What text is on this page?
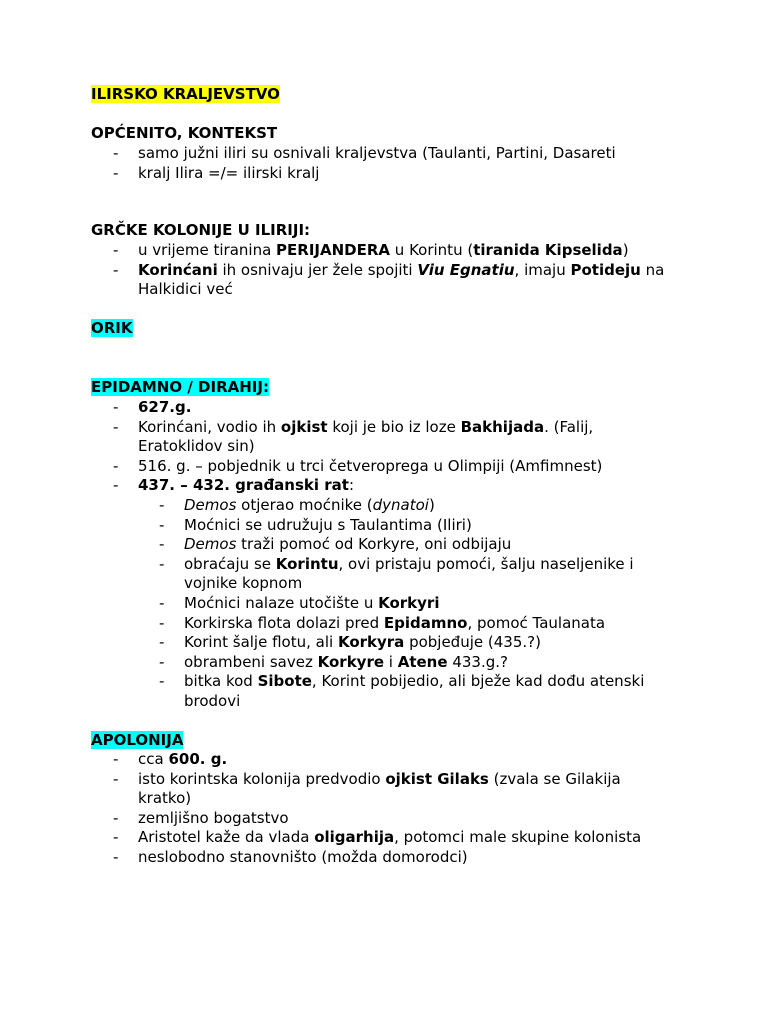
ILIRSKO KRALJEVSTVO
OPĆENITO, KONTEKST
- samo južni iliri su osnivali kraljevstva (Taulanti, Partini, Dasareti
- kralj Ilira =/= ilirski kralj
GRČKE KOLONIJE U ILIRIJI:
- u vrijeme tiranina PERIJANDERA u Korintu (tiranida Kipselida)
- Korinćani ih osnivaju jer žele spojiti Viu Egnatiu, imaju Potideju na Halkidici već
ORIK
EPIDAMNO / DIRAHIJ:
- 627.g.
- Korinćani, vodio ih ojkist koji je bio iz loze Bakhijada. (Falij, Eratoklidov sin)
- 516. g. – pobjednik u trci četveroprega u Olimpiji (Amfimnest)
- 437. – 432. građanski rat:
- Demos otjerao moćnike (dynatoi)
- Moćnici se udružuju s Taulantima (Iliri)
- Demos traži pomoć od Korkyre, oni odbijaju
- obraćaju se Korintu, ovi pristaju pomoći, šalju naseljenike i vojnike kopnom
- Moćnici nalaze utočište u Korkyri
- Korkirska flota dolazi pred Epidamno, pomoć Taulanata
- Korint šalje flotu, ali Korkyra pobjeđuje (435.?)
- obrambeni savez Korkyre i Atene 433.g.?
- bitka kod Sibote, Korint pobijedio, ali bježe kad dođu atenski brodovi
APOLONIJA
- cca 600. g.
- isto korintska kolonija predvodio ojkist Gilaks (zvala se Gilakija kratko)
- zemljišno bogatstvo
- Aristotel kaže da vlada oligarhija, potomci male skupine kolonista
- neslobodno stanovništo (možda domorodci)
